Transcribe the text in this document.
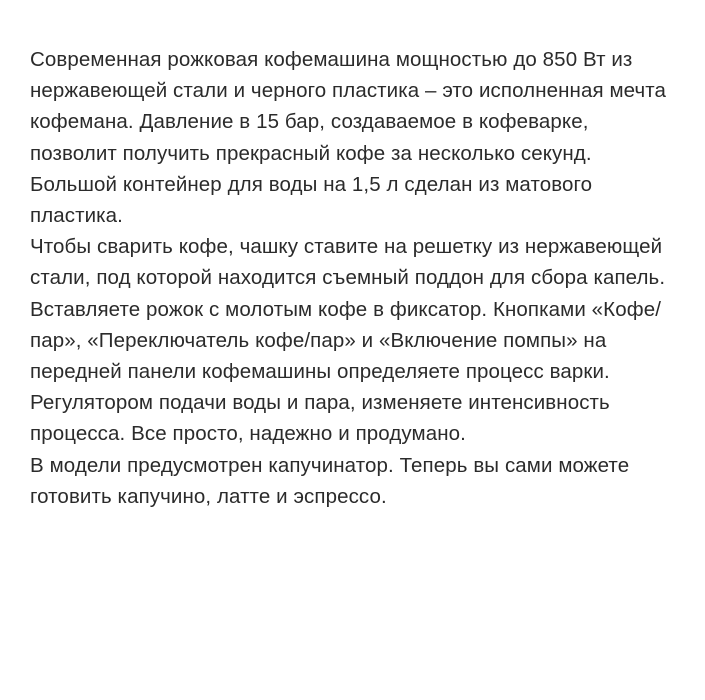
Современная рожковая кофемашина мощностью до 850 Вт из нержавеющей стали и черного пластика – это исполненная мечта кофемана. Давление в 15 бар, создаваемое в кофеварке, позволит получить прекрасный кофе за несколько секунд. Большой контейнер для воды на 1,5 л сделан из матового пластика.

Чтобы сварить кофе, чашку ставите на решетку из нержавеющей стали, под которой находится съемный поддон для сбора капель. Вставляете рожок с молотым кофе в фиксатор. Кнопками «Кофе/пар», «Переключатель кофе/пар» и «Включение помпы» на передней панели кофемашины определяете процесс варки.

Регулятором подачи воды и пара, изменяете интенсивность процесса. Все просто, надежно и продумано.

В модели предусмотрен капучинатор. Теперь вы сами можете готовить капучино, латте и эспрессо.
